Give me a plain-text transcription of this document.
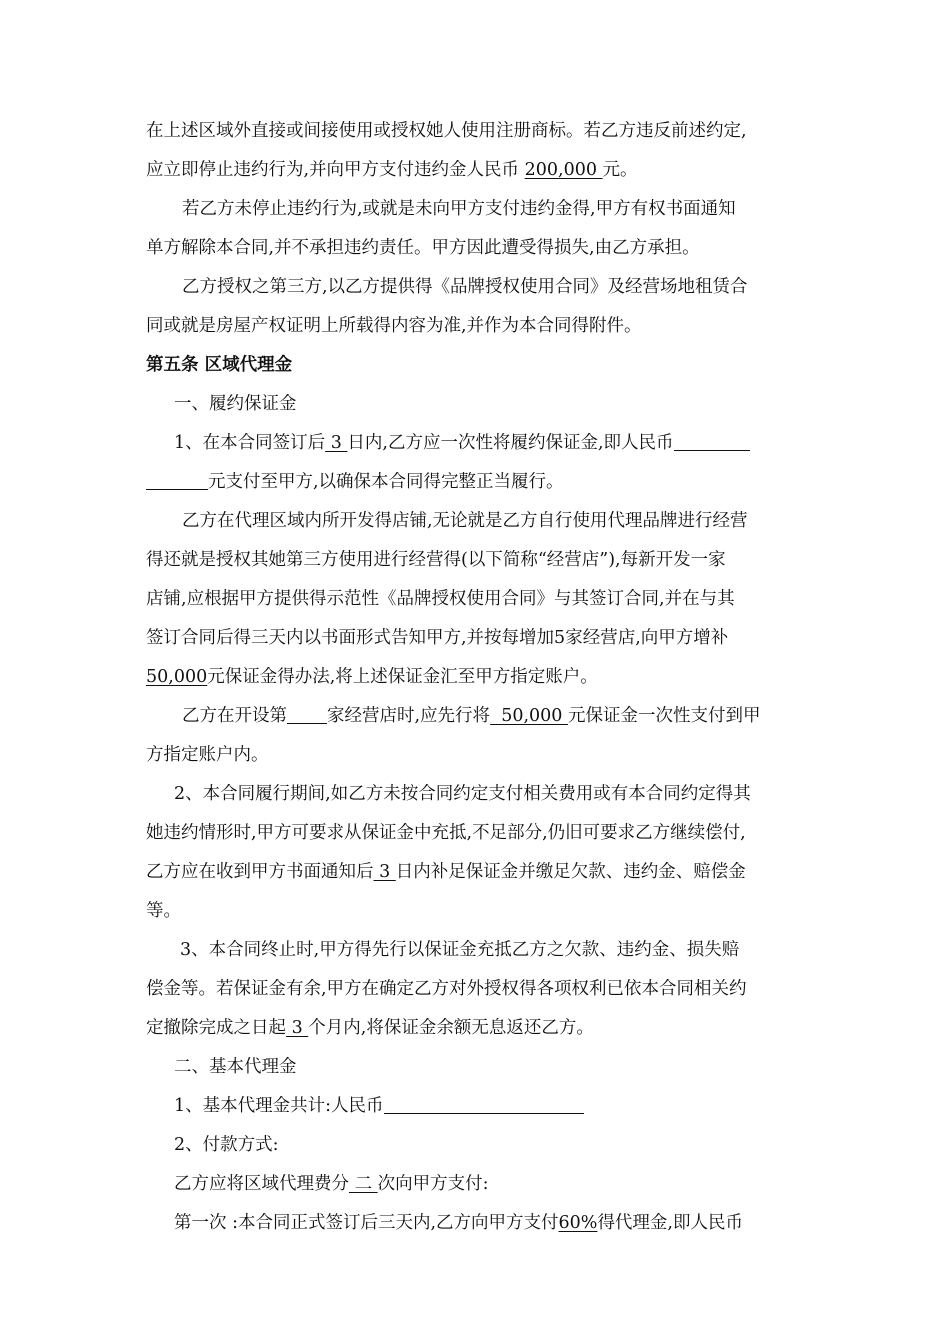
在上述区域外直接或间接使用或授权她人使用注册商标。若乙方违反前述约定,
应立即停止违约行为,并向甲方支付违约金人民币 200,000 元。
若乙方未停止违约行为,或就是未向甲方支付违约金得,甲方有权书面通知
单方解除本合同,并不承担违约责任。甲方因此遭受得损失,由乙方承担。
乙方授权之第三方,以乙方提供得《品牌授权使用合同》及经营场地租赁合
同或就是房屋产权证明上所载得内容为准,并作为本合同得附件。
第五条 区域代理金
一、履约保证金
1、在本合同签订后 3 日内,乙方应一次性将履约保证金,即人民币
元支付至甲方,以确保本合同得完整正当履行。
乙方在代理区域内所开发得店铺,无论就是乙方自行使用代理品牌进行经营
得还就是授权其她第三方使用进行经营得(以下简称“经营店”),每新开发一家
店铺,应根据甲方提供得示范性《品牌授权使用合同》与其签订合同,并在与其
签订合同后得三天内以书面形式告知甲方,并按每增加5家经营店,向甲方增补
50,000元保证金得办法,将上述保证金汇至甲方指定账户。
乙方在开设第 家经营店时,应先行将  50,000 元保证金一次性支付到甲
方指定账户内。
2、本合同履行期间,如乙方未按合同约定支付相关费用或有本合同约定得其
她违约情形时,甲方可要求从保证金中充抵,不足部分,仍旧可要求乙方继续偿付,
乙方应在收到甲方书面通知后 3 日内补足保证金并缴足欠款、违约金、赔偿金
等。
3、本合同终止时,甲方得先行以保证金充抵乙方之欠款、违约金、损失赔
偿金等。若保证金有余,甲方在确定乙方对外授权得各项权利已依本合同相关约
定撤除完成之日起 3 个月内,将保证金余额无息返还乙方。
二、基本代理金
1、基本代理金共计:人民币
2、付款方式:
乙方应将区域代理费分 二 次向甲方支付:
第一次 :本合同正式签订后三天内,乙方向甲方支付60%得代理金,即人民币
